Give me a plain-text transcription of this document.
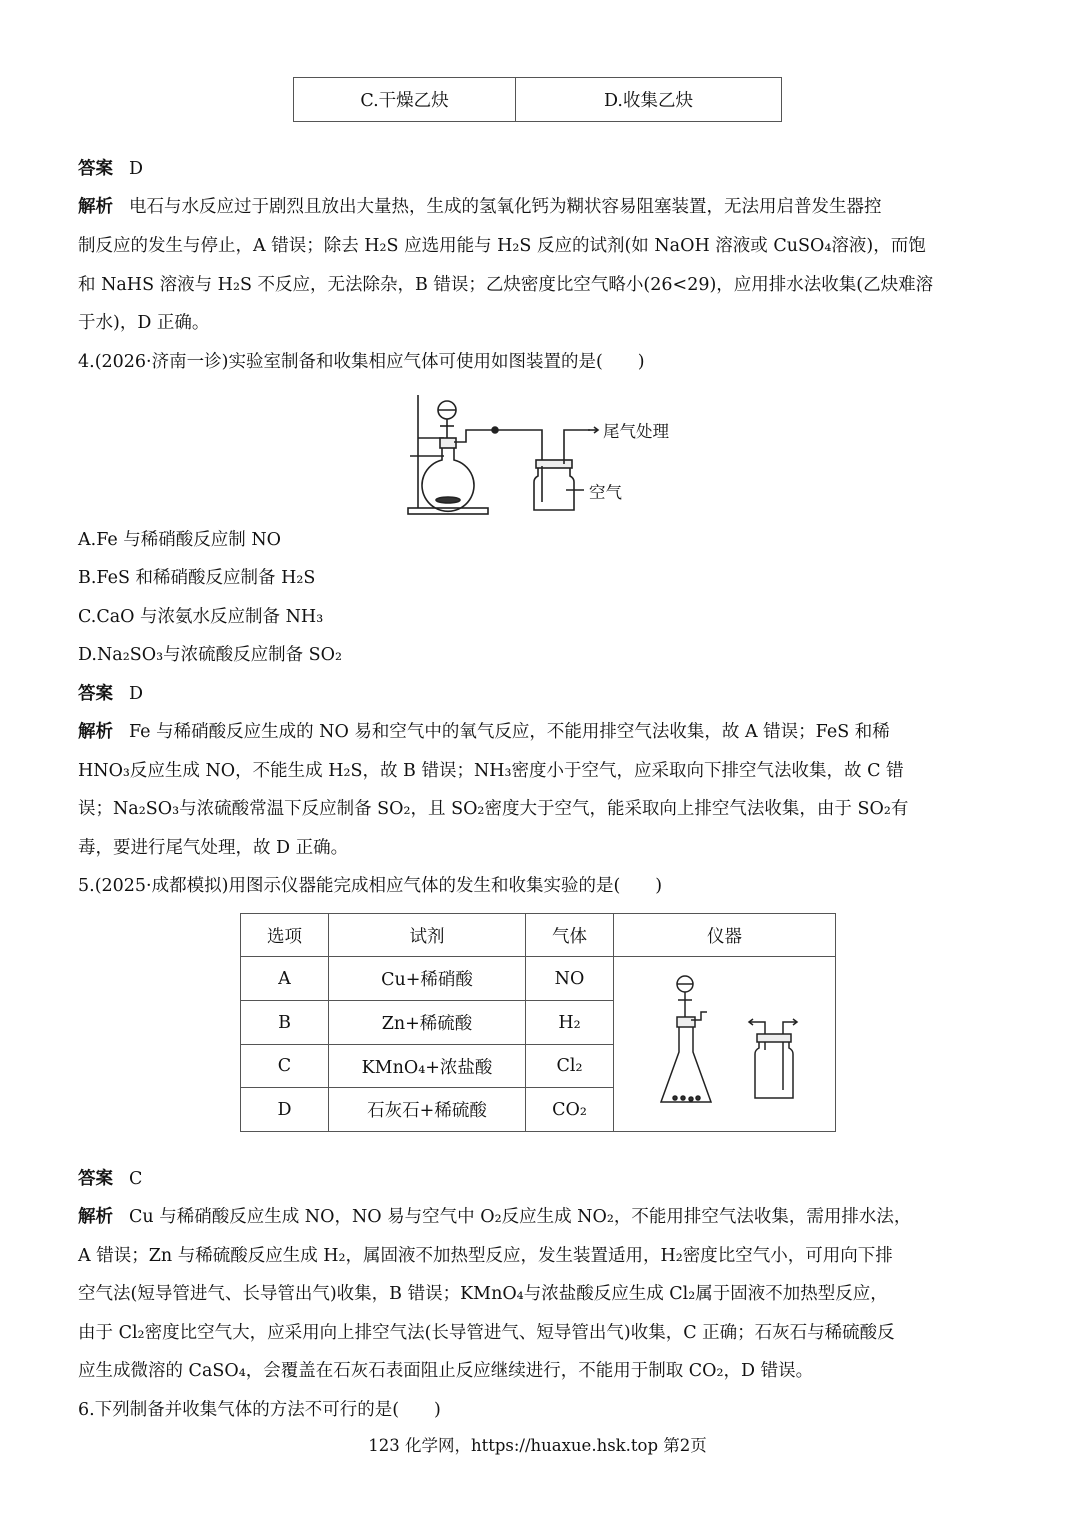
C.干燥乙炔	D.收集乙炔
答案 D
解析 电石与水反应过于剧烈且放出大量热，生成的氢氧化钙为糊状容易阻塞装置，无法用启普发生器控
制反应的发生与停止，A 错误；除去 H₂S 应选用能与 H₂S 反应的试剂(如 NaOH 溶液或 CuSO₄溶液)，而饱
和 NaHS 溶液与 H₂S 不反应，无法除杂，B 错误；乙炔密度比空气略小(26<29)，应用排水法收集(乙炔难溶
于水)，D 正确。
4.(2026·济南一诊)实验室制备和收集相应气体可使用如图装置的是(　　)
尾气处理
空气
A.Fe 与稀硝酸反应制 NO
B.FeS 和稀硝酸反应制备 H₂S
C.CaO 与浓氨水反应制备 NH₃
D.Na₂SO₃与浓硫酸反应制备 SO₂
答案 D
解析 Fe 与稀硝酸反应生成的 NO 易和空气中的氧气反应，不能用排空气法收集，故 A 错误；FeS 和稀
HNO₃反应生成 NO，不能生成 H₂S，故 B 错误；NH₃密度小于空气，应采取向下排空气法收集，故 C 错
误；Na₂SO₃与浓硫酸常温下反应制备 SO₂，且 SO₂密度大于空气，能采取向上排空气法收集，由于 SO₂有
毒，要进行尾气处理，故 D 正确。
5.(2025·成都模拟)用图示仪器能完成相应气体的发生和收集实验的是(　　)
选项	试剂	气体	仪器
A	Cu+稀硝酸	NO	
B	Zn+稀硫酸	H₂	
C	KMnO₄+浓盐酸	Cl₂	
D	石灰石+稀硫酸	CO₂	
答案 C
解析 Cu 与稀硝酸反应生成 NO，NO 易与空气中 O₂反应生成 NO₂，不能用排空气法收集，需用排水法，
A 错误；Zn 与稀硫酸反应生成 H₂，属固液不加热型反应，发生装置适用，H₂密度比空气小，可用向下排
空气法(短导管进气、长导管出气)收集，B 错误；KMnO₄与浓盐酸反应生成 Cl₂属于固液不加热型反应，
由于 Cl₂密度比空气大，应采用向上排空气法(长导管进气、短导管出气)收集，C 正确；石灰石与稀硫酸反
应生成微溶的 CaSO₄，会覆盖在石灰石表面阻止反应继续进行，不能用于制取 CO₂，D 错误。
6.下列制备并收集气体的方法不可行的是(　　)
123 化学网，https://huaxue.hsk.top 第2页
